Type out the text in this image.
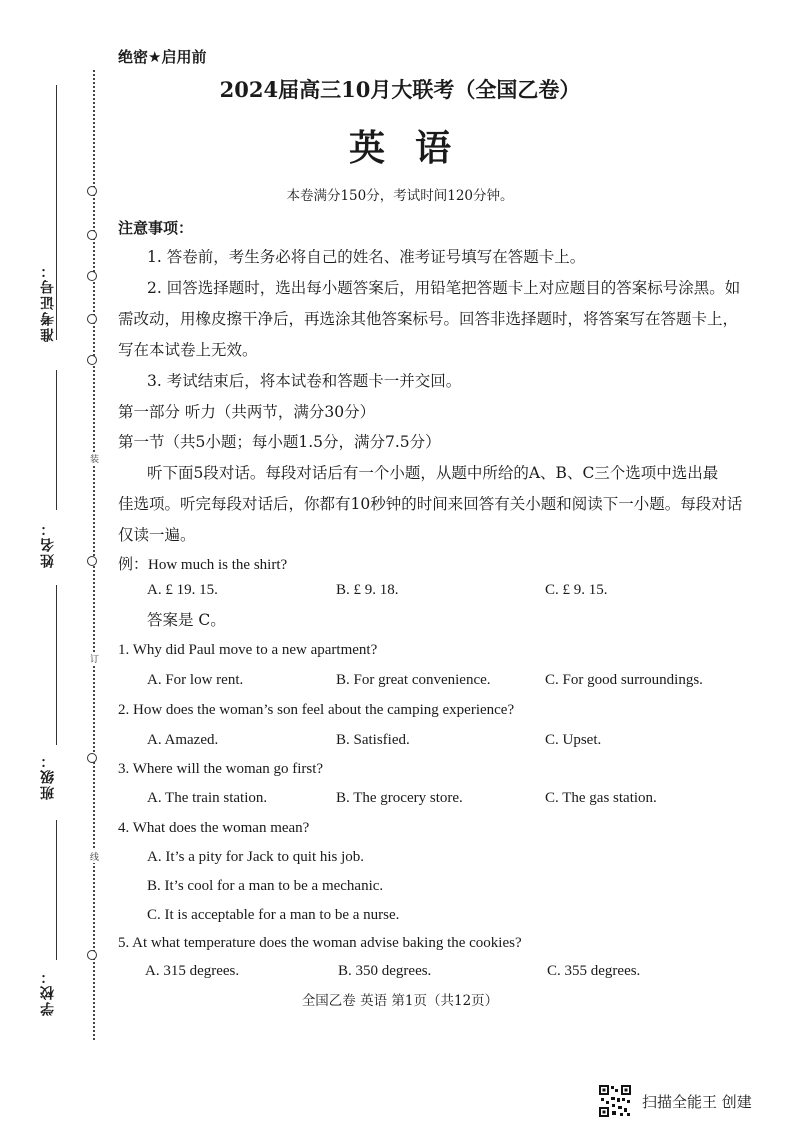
准考证号：
姓名：
班级：
学校：
装
订
线
绝密★启用前
2024届高三10月大联考（全国乙卷）
英语
本卷满分150分，考试时间120分钟。
注意事项：
1. 答卷前，考生务必将自己的姓名、准考证号填写在答题卡上。
2. 回答选择题时，选出每小题答案后，用铅笔把答题卡上对应题目的答案标号涂黑。如
需改动，用橡皮擦干净后，再选涂其他答案标号。回答非选择题时，将答案写在答题卡上，
写在本试卷上无效。
3. 考试结束后，将本试卷和答题卡一并交回。
第一部分 听力（共两节，满分30分）
第一节（共5小题；每小题1.5分，满分7.5分）
听下面5段对话。每段对话后有一个小题，从题中所给的A、B、C三个选项中选出最
佳选项。听完每段对话后，你都有10秒钟的时间来回答有关小题和阅读下一小题。每段对话
仅读一遍。
例：How much is the shirt?
A. £ 19. 15.	B. £ 9. 18.	C. £ 9. 15.
答案是 C。
1. Why did Paul move to a new apartment?
A. For low rent.	B. For great convenience.	C. For good surroundings.
2. How does the woman’s son feel about the camping experience?
A. Amazed.	B. Satisfied.	C. Upset.
3. Where will the woman go first?
A. The train station.	B. The grocery store.	C. The gas station.
4. What does the woman mean?
A. It’s a pity for Jack to quit his job.
B. It’s cool for a man to be a mechanic.
C. It is acceptable for a man to be a nurse.
5. At what temperature does the woman advise baking the cookies?
A. 315 degrees.	B. 350 degrees.	C. 355 degrees.
全国乙卷 英语 第1页（共12页）
扫描全能王 创建
